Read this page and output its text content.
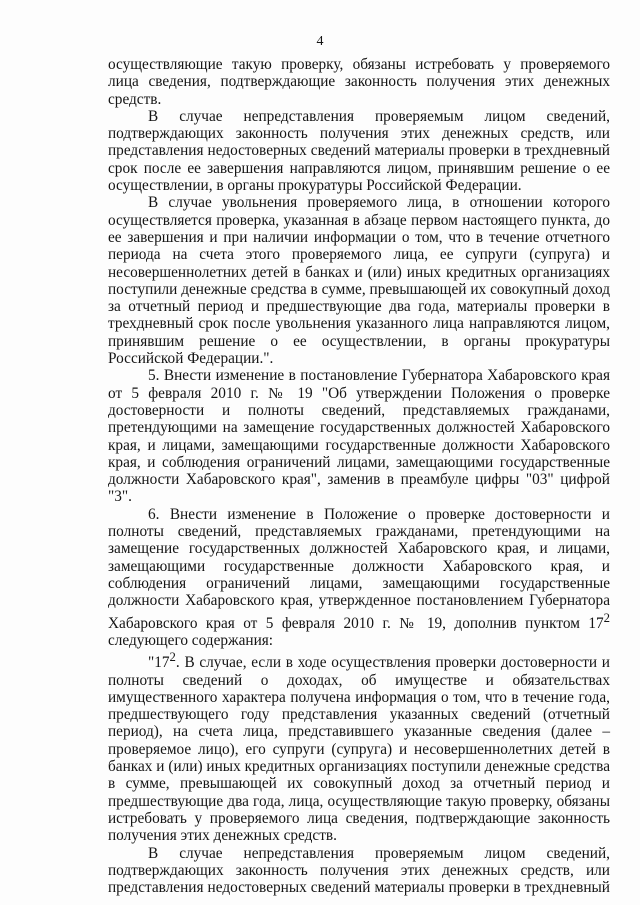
4

осуществляющие такую проверку, обязаны истребовать у проверяемого лица сведения, подтверждающие законность получения этих денежных средств.

В случае непредставления проверяемым лицом сведений, подтверждающих законность получения этих денежных средств, или представления недостоверных сведений материалы проверки в трехдневный срок после ее завершения направляются лицом, принявшим решение о ее осуществлении, в органы прокуратуры Российской Федерации.

В случае увольнения проверяемого лица, в отношении которого осуществляется проверка, указанная в абзаце первом настоящего пункта, до ее завершения и при наличии информации о том, что в течение отчетного периода на счета этого проверяемого лица, ее супруги (супруга) и несовершеннолетних детей в банках и (или) иных кредитных организациях поступили денежные средства в сумме, превышающей их совокупный доход за отчетный период и предшествующие два года, материалы проверки в трехдневный срок после увольнения указанного лица направляются лицом, принявшим решение о ее осуществлении, в органы прокуратуры Российской Федерации.".

5. Внести изменение в постановление Губернатора Хабаровского края от 5 февраля 2010 г. № 19 "Об утверждении Положения о проверке достоверности и полноты сведений, представляемых гражданами, претендующими на замещение государственных должностей Хабаровского края, и лицами, замещающими государственные должности Хабаровского края, и соблюдения ограничений лицами, замещающими государственные должности Хабаровского края", заменив в преамбуле цифры "03" цифрой "3".

6. Внести изменение в Положение о проверке достоверности и полноты сведений, представляемых гражданами, претендующими на замещение государственных должностей Хабаровского края, и лицами, замещающими государственные должности Хабаровского края, и соблюдения ограничений лицами, замещающими государственные должности Хабаровского края, утвержденное постановлением Губернатора Хабаровского края от 5 февраля 2010 г. № 19, дополнив пунктом $17^2$ следующего содержания:

"$17^2$. В случае, если в ходе осуществления проверки достоверности и полноты сведений о доходах, об имуществе и обязательствах имущественного характера получена информация о том, что в течение года, предшествующего году представления указанных сведений (отчетный период), на счета лица, представившего указанные сведения (далее – проверяемое лицо), его супруги (супруга) и несовершеннолетних детей в банках и (или) иных кредитных организациях поступили денежные средства в сумме, превышающей их совокупный доход за отчетный период и предшествующие два года, лица, осуществляющие такую проверку, обязаны истребовать у проверяемого лица сведения, подтверждающие законность получения этих денежных средств.

В случае непредставления проверяемым лицом сведений, подтверждающих законность получения этих денежных средств, или представления недостоверных сведений материалы проверки в трехдневный
